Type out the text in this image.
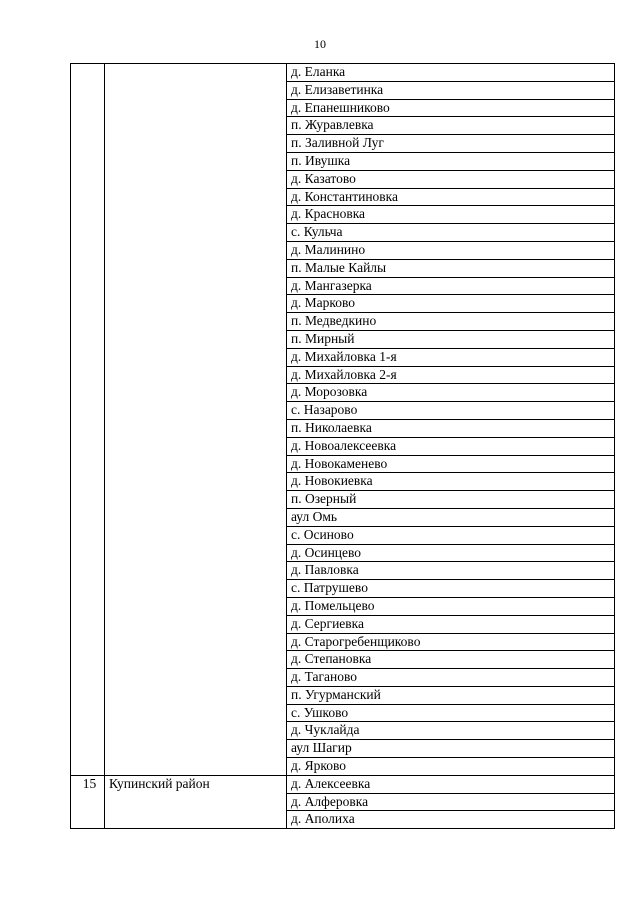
10
		д. Еланка
		д. Елизаветинка
		д. Епанешниково
		п. Журавлевка
		п. Заливной Луг
		п. Ивушка
		д. Казатово
		д. Константиновка
		д. Красновка
		с. Кульча
		д. Малинино
		п. Малые Кайлы
		д. Мангазерка
		д. Марково
		п. Медведкино
		п. Мирный
		д. Михайловка 1-я
		д. Михайловка 2-я
		д. Морозовка
		с. Назарово
		п. Николаевка
		д. Новоалексеевка
		д. Новокаменево
		д. Новокиевка
		п. Озерный
		аул Омь
		с. Осиново
		д. Осинцево
		д. Павловка
		с. Патрушево
		д. Помельцево
		д. Сергиевка
		д. Старогребенщиково
		д. Степановка
		д. Таганово
		п. Угурманский
		с. Ушково
		д. Чуклайда
		аул Шагир
		д. Ярково
15	Купинский район	д. Алексеевка
		д. Алферовка
		д. Аполиха
